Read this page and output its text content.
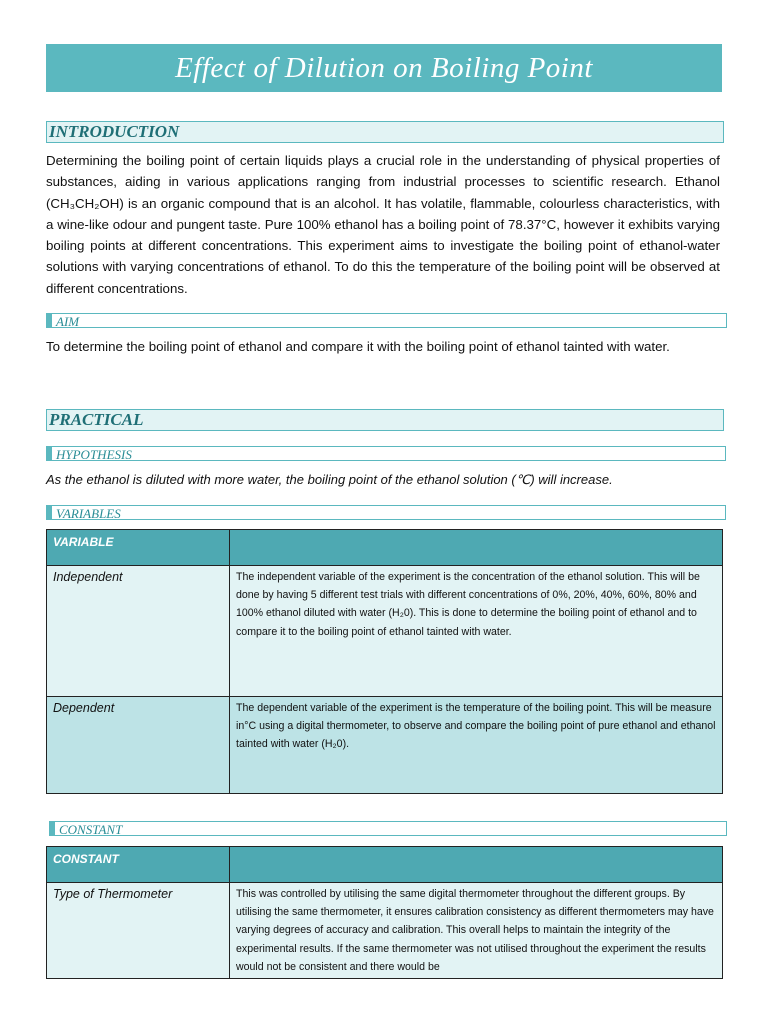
Effect of Dilution on Boiling Point
INTRODUCTION

Determining the boiling point of certain liquids plays a crucial role in the understanding of physical properties of substances, aiding in various applications ranging from industrial processes to scientific research. Ethanol (CH₃CH₂OH) is an organic compound that is an alcohol. It has volatile, flammable, colourless characteristics, with a wine-like odour and pungent taste. Pure 100% ethanol has a boiling point of 78.37°C, however it exhibits varying boiling points at different concentrations. This experiment aims to investigate the boiling point of ethanol-water solutions with varying concentrations of ethanol. To do this the temperature of the boiling point will be observed at different concentrations.

AIM

To determine the boiling point of ethanol and compare it with the boiling point of ethanol tainted with water.

PRACTICAL
HYPOTHESIS

As the ethanol is diluted with more water, the boiling point of the ethanol solution (℃) will increase.

VARIABLES
VARIABLE	
Independent	The independent variable of the experiment is the concentration of the ethanol solution. This will be done by having 5 different test trials with different concentrations of 0%, 20%, 40%, 60%, 80% and 100% ethanol diluted with water (H₂0). This is done to determine the boiling point of ethanol and to compare it to the boiling point of ethanol tainted with water.
Dependent	The dependent variable of the experiment is the temperature of the boiling point. This will be measure in°C using a digital thermometer, to observe and compare the boiling point of pure ethanol and ethanol tainted with water (H₂0).
CONSTANT
CONSTANT	
Type of Thermometer	This was controlled by utilising the same digital thermometer throughout the different groups. By utilising the same thermometer, it ensures calibration consistency as different thermometers may have varying degrees of accuracy and calibration. This overall helps to maintain the integrity of the experimental results. If the same thermometer was not utilised throughout the experiment the results would not be consistent and there would be
